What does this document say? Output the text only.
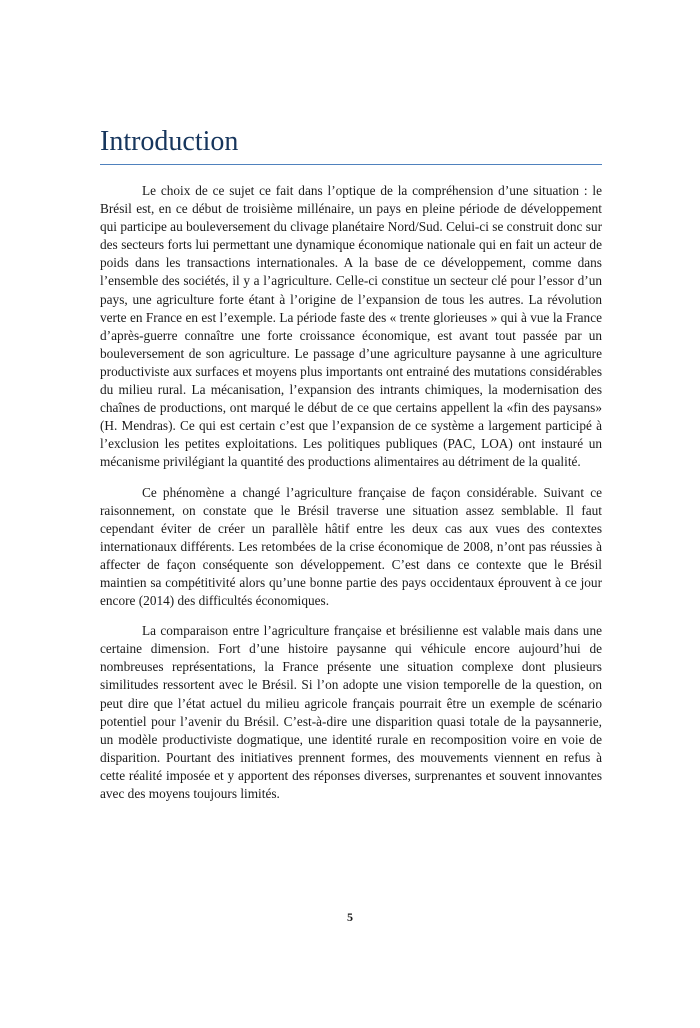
Introduction

Le choix de ce sujet ce fait dans l’optique de la compréhension d’une situation : le Brésil est, en ce début de troisième millénaire, un pays en pleine période de développement qui participe au bouleversement du clivage planétaire Nord/Sud. Celui-ci se construit donc sur des secteurs forts lui permettant une dynamique économique nationale qui en fait un acteur de poids dans les transactions internationales. A la base de ce développement, comme dans l’ensemble des sociétés, il y a l’agriculture. Celle-ci constitue un secteur clé pour l’essor d’un pays, une agriculture forte étant à l’origine de l’expansion de tous les autres. La révolution verte en France en est l’exemple. La période faste des « trente glorieuses » qui à vue la France d’après-guerre connaître une forte croissance économique, est avant tout passée par un bouleversement de son agriculture. Le passage d’une agriculture paysanne à une agriculture productiviste aux surfaces et moyens plus importants ont entrainé des mutations considérables du milieu rural. La mécanisation, l’expansion des intrants chimiques, la modernisation des chaînes de productions, ont marqué le début de ce que certains appellent la «fin des paysans» (H. Mendras). Ce qui est certain c’est que l’expansion de ce système a largement participé à l’exclusion les petites exploitations. Les politiques publiques (PAC, LOA) ont instauré un mécanisme privilégiant la quantité des productions alimentaires au détriment de la qualité.

Ce phénomène a changé l’agriculture française de façon considérable. Suivant ce raisonnement, on constate que le Brésil traverse une situation assez semblable. Il faut cependant éviter de créer un parallèle hâtif entre les deux cas aux vues des contextes internationaux différents. Les retombées de la crise économique de 2008, n’ont pas réussies à affecter de façon conséquente son développement. C’est dans ce contexte que le Brésil maintien sa compétitivité alors qu’une bonne partie des pays occidentaux éprouvent à ce jour encore (2014) des difficultés économiques.

La comparaison entre l’agriculture française et brésilienne est valable mais dans une certaine dimension. Fort d’une histoire paysanne qui véhicule encore aujourd’hui de nombreuses représentations, la France présente une situation complexe dont plusieurs similitudes ressortent avec le Brésil. Si l’on adopte une vision temporelle de la question, on peut dire que l’état actuel du milieu agricole français pourrait être un exemple de scénario potentiel pour l’avenir du Brésil. C’est-à-dire une disparition quasi totale de la paysannerie, un modèle productiviste dogmatique, une identité rurale en recomposition voire en voie de disparition. Pourtant des initiatives prennent formes, des mouvements viennent en refus à cette réalité imposée et y apportent des réponses diverses, surprenantes et souvent innovantes avec des moyens toujours limités.

5
